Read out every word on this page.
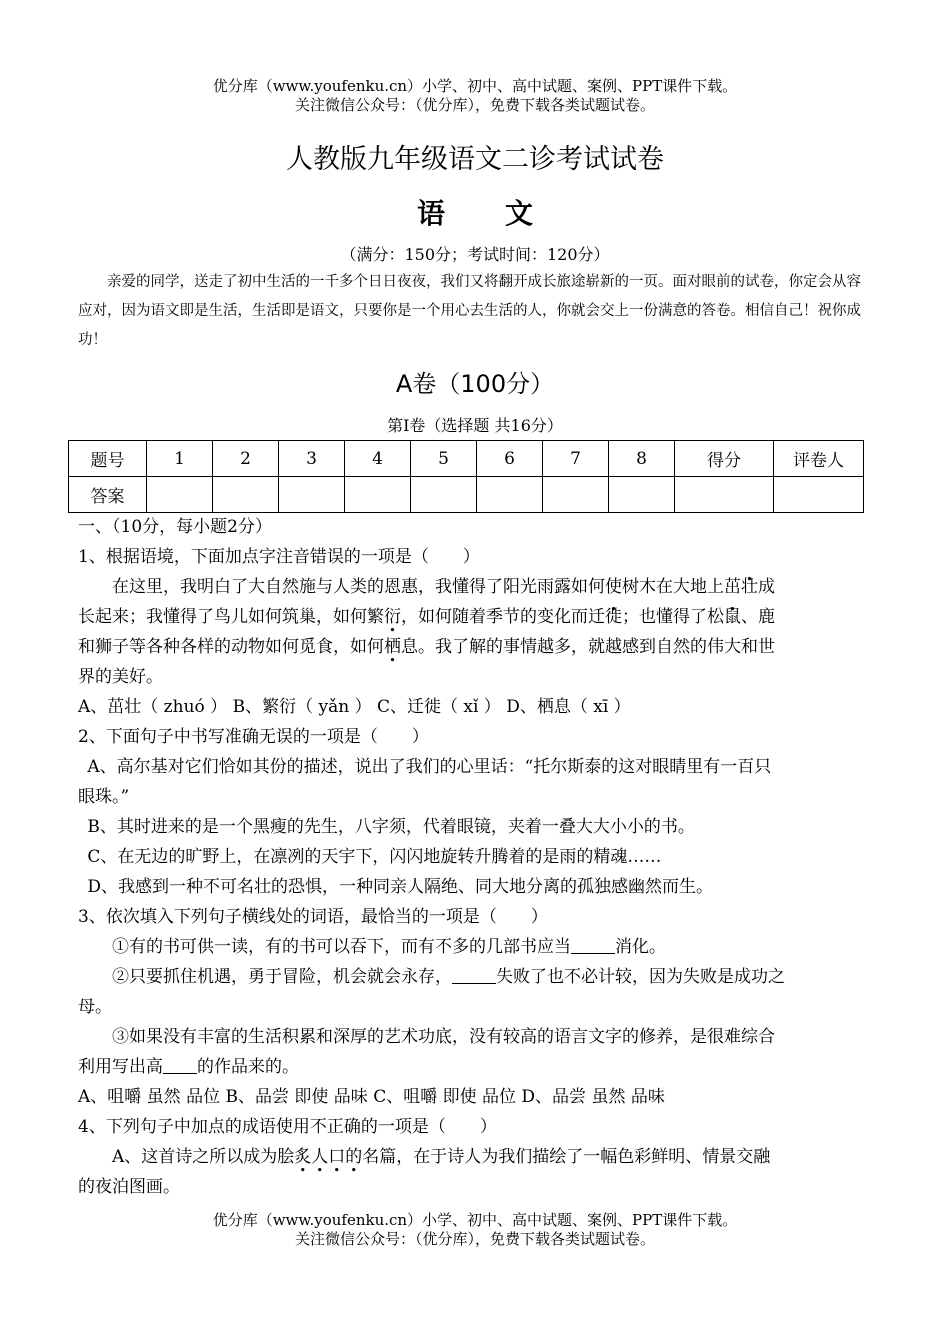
优分库（www.youfenku.cn）小学、初中、高中试题、案例、PPT课件下载。
关注微信公众号：（优分库），免费下载各类试题试卷。
人教版九年级语文二诊考试试卷
语文
（满分：150分；考试时间：120分）
亲爱的同学，送走了初中生活的一千多个日日夜夜，我们又将翻开成长旅途崭新的一页。面对眼前的试卷，你定会从容应对，因为语文即是生活，生活即是语文，只要你是一个用心去生活的人，你就会交上一份满意的答卷。相信自己！祝你成功！
A卷（100分）
第Ⅰ卷（选择题 共16分）
题号	1	2	3	4	5	6	7	8	得分	评卷人
答案										
一、（10分，每小题2分）
1、根据语境，下面加点字注音错误的一项是（　　）
在这里，我明白了大自然施与人类的恩惠，我懂得了阳光雨露如何使树木在大地上茁 .壮成
长起来；我懂得了鸟儿如何筑巢，如何繁衍，如何随着季节的变化而迁徙 .；也懂得了松鼠 .、鹿
和狮子等各种各样的动物如何觅食，如何栖息。我了解的事情越多，就越感到自然的伟大和世
界的美好。
A、茁壮（ zhuó ） B、繁衍（ yǎn ） C、迁徙（ xǐ ） D、栖息（ xī ）
2、下面句子中书写准确无误的一项是（　　）
A、高尔基对它们恰如其份的描述，说出了我们的心里话：“托尔斯泰的这对眼睛里有一百只
眼珠。”
B、其时进来的是一个黑瘦的先生，八字须，代着眼镜，夹着一叠大大小小的书。
C、在无边的旷野上，在凛冽的天宇下，闪闪地旋转升腾着的是雨的精魂……
D、我感到一种不可名壮的恐惧，一种同亲人隔绝、同大地分离的孤独感幽然而生。
3、依次填入下列句子横线处的词语，最恰当的一项是（　　）
①有的书可供一读，有的书可以吞下，而有不多的几部书应当	消化。
②只要抓住机遇，勇于冒险，机会就会永存，	失败了也不必计较，因为失败是成功之
母。
③如果没有丰富的生活积累和深厚的艺术功底，没有较高的语言文字的修养，是很难综合
利用写出高 的作品来的。
A、咀嚼 虽然 品位 B、品尝 即使 品味 C、咀嚼 即使 品位 D、品尝 虽然 品味
4、下列句子中加点的成语使用不正确的一项是（　　）
A、这首诗之所以成为脍炙人口的名篇，在于诗人为我们描绘了一幅色彩鲜明、情景交融
的夜泊图画。
优分库（www.youfenku.cn）小学、初中、高中试题、案例、PPT课件下载。
关注微信公众号：（优分库），免费下载各类试题试卷。
